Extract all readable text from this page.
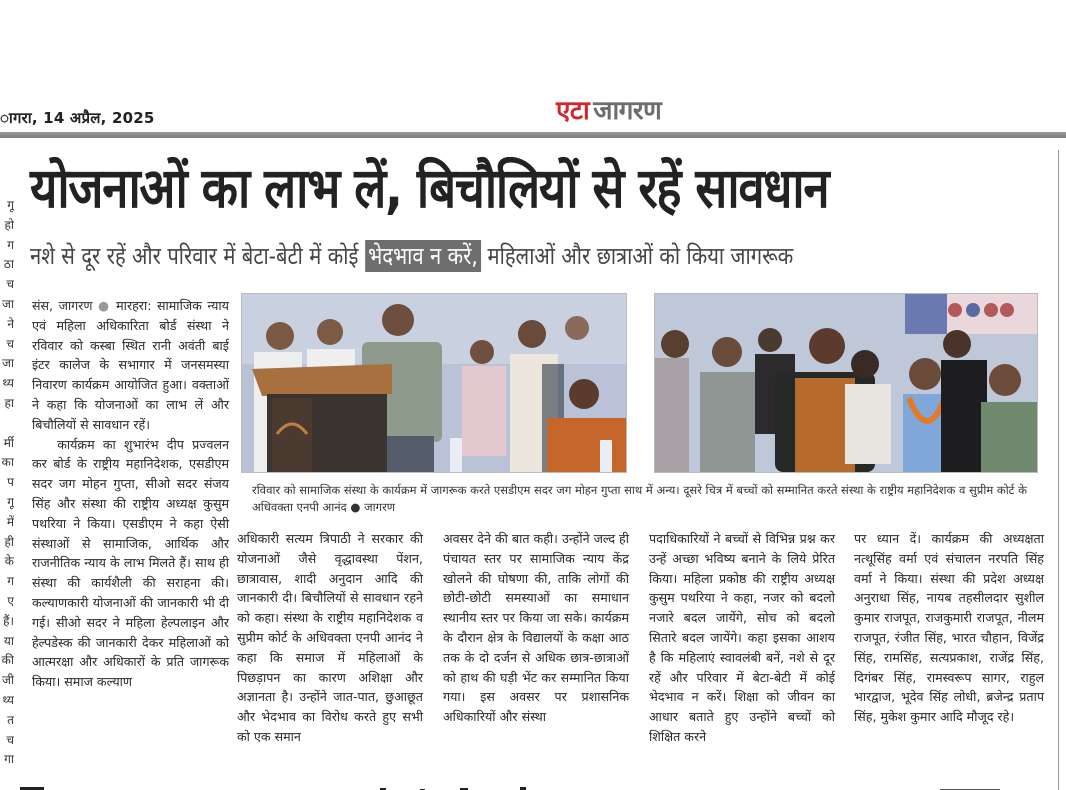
ागरा, 14 अप्रैल, 2025	एटा जागरण
गू
हो
ग
ठा
च
जा
ने
च
जा
थ्य
हा

र्मी
का
प
गू
में
ही
के
ग
ए
हैं।
या
की
जी
थ्य
त
च
गा
योजनाओं का लाभ लें, बिचौलियों से रहें सावधान
नशे से दूर रहें और परिवार में बेटा-बेटी में कोई भेदभाव न करें, महिलाओं और छात्राओं को किया जागरूक

संस, जागरण ● मारहरा: सामाजिक न्याय एवं महिला अधिकारिता बोर्ड संस्था ने रविवार को कस्बा स्थित रानी अवंती बाई इंटर कालेज के सभागार में जनसमस्या निवारण कार्यक्रम आयोजित हुआ। वक्ताओं ने कहा कि योजनाओं का लाभ लें और बिचौलियों से सावधान रहें।

कार्यक्रम का शुभारंभ दीप प्रज्वलन कर बोर्ड के राष्ट्रीय महानिदेशक, एसडीएम सदर जग मोहन गुप्ता, सीओ सदर संजय सिंह और संस्था की राष्ट्रीय अध्यक्ष कुसुम पथरिया ने किया। एसडीएम ने कहा ऐसी संस्थाओं से सामाजिक, आर्थिक और राजनीतिक न्याय के लाभ मिलते हैं। साथ ही संस्था की कार्यशैली की सराहना की। कल्याणकारी योजनाओं की जानकारी भी दी गई। सीओ सदर ने महिला हेल्पलाइन और हेल्पडेस्क की जानकारी देकर महिलाओं को आत्मरक्षा और अधिकारों के प्रति जागरूक किया। समाज कल्याण

रविवार को सामाजिक संस्था के कार्यक्रम में जागरूक करते एसडीएम सदर जग मोहन गुप्ता साथ में अन्य। दूसरे चित्र में बच्चों को सम्मानित करते संस्था के राष्ट्रीय महानिदेशक व सुप्रीम कोर्ट के अधिवक्ता एनपी आनंद ● जागरण
अधिकारी सत्यम त्रिपाठी ने सरकार की योजनाओं जैसे वृद्धावस्था पेंशन, छात्रावास, शादी अनुदान आदि की जानकारी दी। बिचौलियों से सावधान रहने को कहा। संस्था के राष्ट्रीय महानिदेशक व सुप्रीम कोर्ट के अधिवक्ता एनपी आनंद ने कहा कि समाज में महिलाओं के पिछड़ापन का कारण अशिक्षा और अज्ञानता है। उन्होंने जात-पात, छुआछूत और भेदभाव का विरोध करते हुए सभी को एक समान
अवसर देने की बात कही। उन्होंने जल्द ही पंचायत स्तर पर सामाजिक न्याय केंद्र खोलने की घोषणा की, ताकि लोगों की छोटी-छोटी समस्याओं का समाधान स्थानीय स्तर पर किया जा सके। कार्यक्रम के दौरान क्षेत्र के विद्यालयों के कक्षा आठ तक के दो दर्जन से अधिक छात्र-छात्राओं को हाथ की घड़ी भेंट कर सम्मानित किया गया। इस अवसर पर प्रशासनिक अधिकारियों और संस्था
पदाधिकारियों ने बच्चों से विभिन्न प्रश्न कर उन्हें अच्छा भविष्य बनाने के लिये प्रेरित किया। महिला प्रकोष्ठ की राष्ट्रीय अध्यक्ष कुसुम पथरिया ने कहा, नजर को बदलो नजारे बदल जायेंगे, सोच को बदलो सितारे बदल जायेंगे। कहा इसका आशय है कि महिलाएं स्वावलंबी बनें, नशे से दूर रहें और परिवार में बेटा-बेटी में कोई भेदभाव न करें। शिक्षा को जीवन का आधार बताते हुए उन्होंने बच्चों को शिक्षित करने
पर ध्यान दें। कार्यक्रम की अध्यक्षता नत्थूसिंह वर्मा एवं संचालन नरपति सिंह वर्मा ने किया। संस्था की प्रदेश अध्यक्ष अनुराधा सिंह, नायब तहसीलदार सुशील कुमार राजपूत, राजकुमारी राजपूत, नीलम राजपूत, रंजीत सिंह, भारत चौहान, विजेंद्र सिंह, रामसिंह, सत्यप्रकाश, राजेंद्र सिंह, दिगंबर सिंह, रामस्वरूप सागर, राहुल भारद्वाज, भूदेव सिंह लोधी, ब्रजेन्द्र प्रताप सिंह, मुकेश कुमार आदि मौजूद रहे।
